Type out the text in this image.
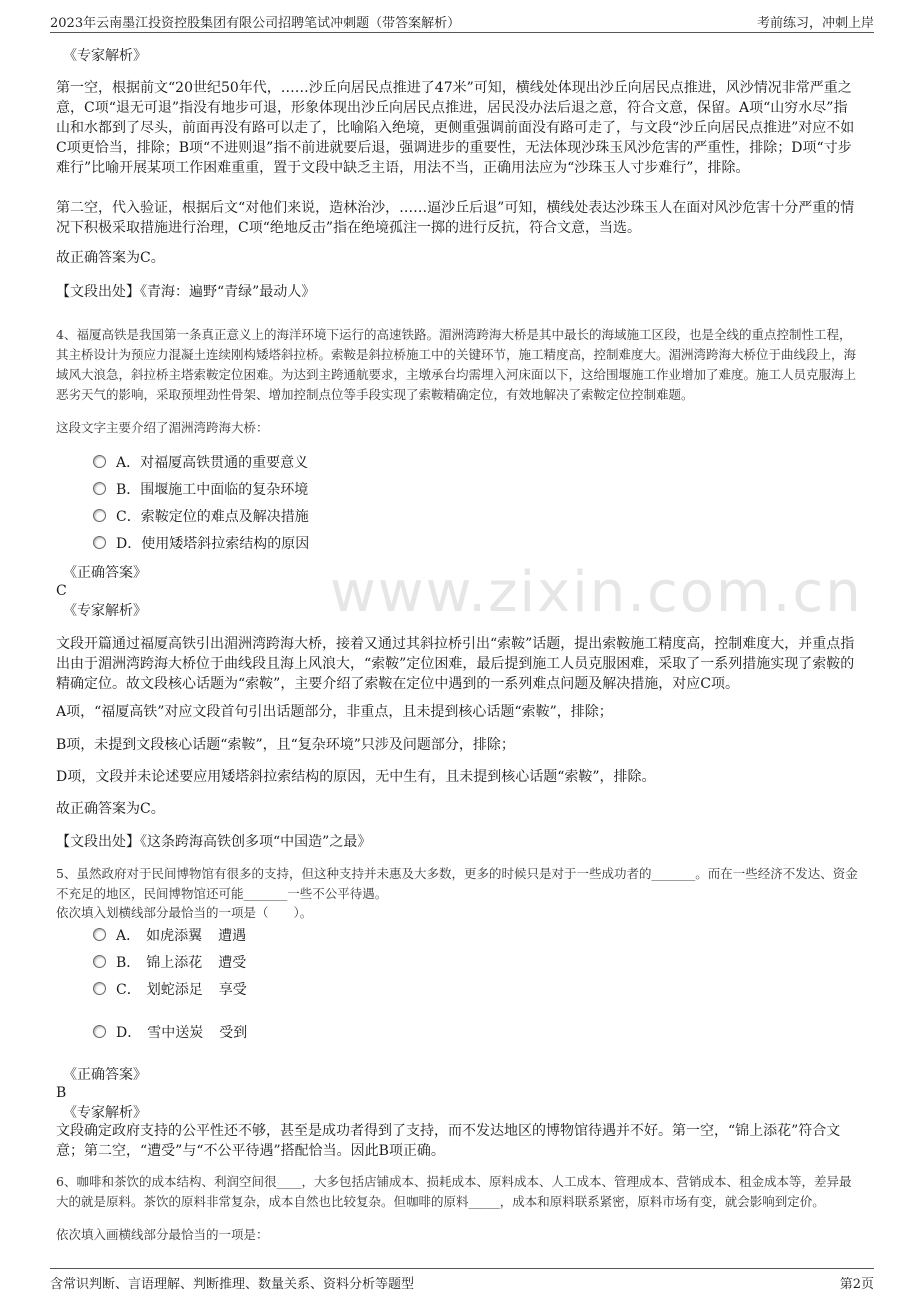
2023年云南墨江投资控股集团有限公司招聘笔试冲刺题（带答案解析）	考前练习，冲刺上岸
www.zixin.com.cn

《专家解析》

第一空，根据前文“20世纪50年代，……沙丘向居民点推进了47米”可知，横线处体现出沙丘向居民点推进，风沙情况非常严重之意，C项“退无可退”指没有地步可退，形象体现出沙丘向居民点推进，居民没办法后退之意，符合文意，保留。A项“山穷水尽”指山和水都到了尽头，前面再没有路可以走了，比喻陷入绝境，更侧重强调前面没有路可走了，与文段“沙丘向居民点推进”对应不如C项更恰当，排除；B项“不进则退”指不前进就要后退，强调进步的重要性，无法体现沙珠玉风沙危害的严重性，排除；D项“寸步难行”比喻开展某项工作困难重重，置于文段中缺乏主语，用法不当，正确用法应为“沙珠玉人寸步难行”，排除。

第二空，代入验证，根据后文“对他们来说，造林治沙，……逼沙丘后退”可知，横线处表达沙珠玉人在面对风沙危害十分严重的情况下积极采取措施进行治理，C项“绝地反击”指在绝境孤注一掷的进行反抗，符合文意，当选。

故正确答案为C。

【文段出处】《青海：遍野“青绿”最动人》

4、福厦高铁是我国第一条真正意义上的海洋环境下运行的高速铁路。湄洲湾跨海大桥是其中最长的海域施工区段，也是全线的重点控制性工程，其主桥设计为预应力混凝土连续刚构矮塔斜拉桥。索鞍是斜拉桥施工中的关键环节，施工精度高，控制难度大。湄洲湾跨海大桥位于曲线段上，海域风大浪急，斜拉桥主塔索鞍定位困难。为达到主跨通航要求，主墩承台均需埋入河床面以下，这给围堰施工作业增加了难度。施工人员克服海上恶劣天气的影响，采取预埋劲性骨架、增加控制点位等手段实现了索鞍精确定位，有效地解决了索鞍定位控制难题。

这段文字主要介绍了湄洲湾跨海大桥：

A．对福厦高铁贯通的重要意义
B．围堰施工中面临的复杂环境
C．索鞍定位的难点及解决措施
D．使用矮塔斜拉索结构的原因

《正确答案》

C

《专家解析》

文段开篇通过福厦高铁引出湄洲湾跨海大桥，接着又通过其斜拉桥引出“索鞍”话题，提出索鞍施工精度高，控制难度大，并重点指出由于湄洲湾跨海大桥位于曲线段且海上风浪大，“索鞍”定位困难，最后提到施工人员克服困难，采取了一系列措施实现了索鞍的精确定位。故文段核心话题为“索鞍”，主要介绍了索鞍在定位中遇到的一系列难点问题及解决措施，对应C项。

A项，“福厦高铁”对应文段首句引出话题部分，非重点，且未提到核心话题“索鞍”，排除；

B项，未提到文段核心话题“索鞍”，且“复杂环境”只涉及问题部分，排除；

D项，文段并未论述要应用矮塔斜拉索结构的原因，无中生有，且未提到核心话题“索鞍”，排除。

故正确答案为C。

【文段出处】《这条跨海高铁创多项“中国造”之最》

5、虽然政府对于民间博物馆有很多的支持，但这种支持并未惠及大多数，更多的时候只是对于一些成功者的_______。而在一些经济不发达、资金不充足的地区，民间博物馆还可能_______一些不公平待遇。

依次填入划横线部分最恰当的一项是（　　）。

A． 如虎添翼 遭遇
B． 锦上添花 遭受
C． 划蛇添足 享受
D． 雪中送炭 受到

《正确答案》

B

《专家解析》

文段确定政府支持的公平性还不够，甚至是成功者得到了支持，而不发达地区的博物馆待遇并不好。第一空，“锦上添花”符合文意；第二空，“遭受”与“不公平待遇”搭配恰当。因此B项正确。

6、咖啡和茶饮的成本结构、利润空间很____，大多包括店铺成本、损耗成本、原料成本、人工成本、管理成本、营销成本、租金成本等，差异最大的就是原料。茶饮的原料非常复杂，成本自然也比较复杂。但咖啡的原料_____，成本和原料联系紧密，原料市场有变，就会影响到定价。

依次填入画横线部分最恰当的一项是：

含常识判断、言语理解、判断推理、数量关系、资料分析等题型	第2页
